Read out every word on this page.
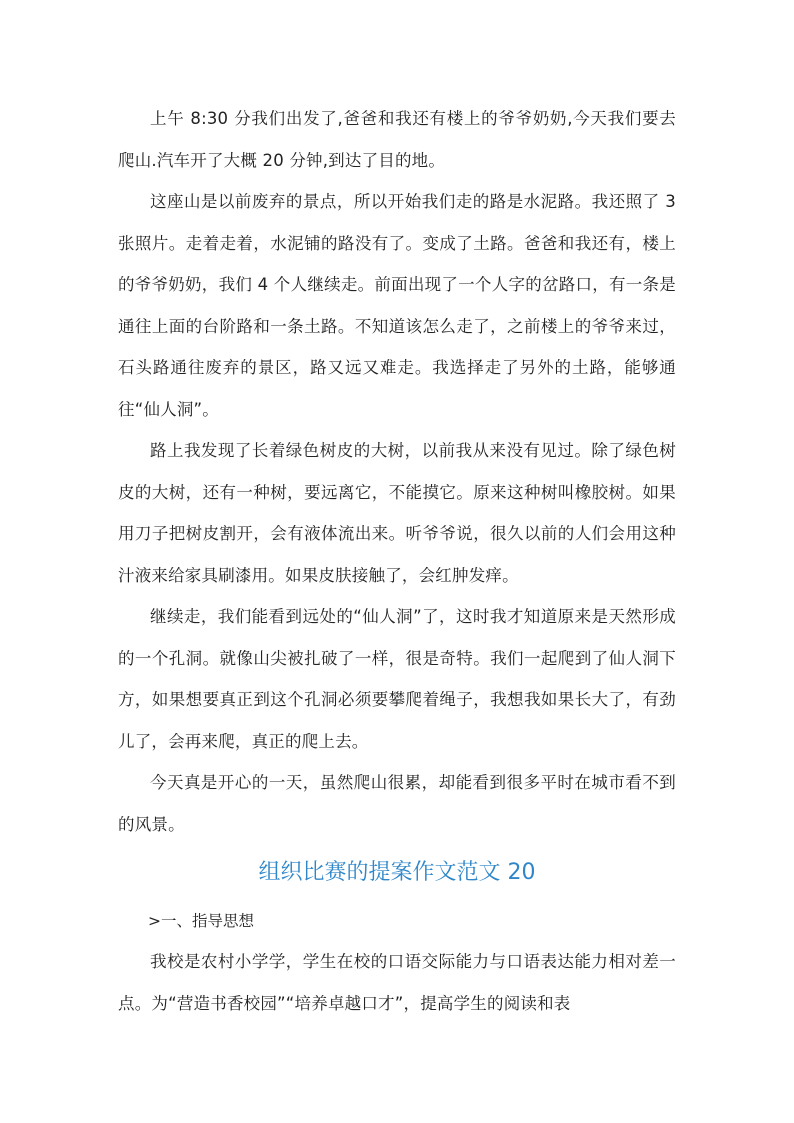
上午 8:30 分我们出发了,爸爸和我还有楼上的爷爷奶奶,今天我们要去爬山.汽车开了大概 20 分钟,到达了目的地。

这座山是以前废弃的景点，所以开始我们走的路是水泥路。我还照了 3 张照片。走着走着，水泥铺的路没有了。变成了土路。爸爸和我还有，楼上的爷爷奶奶，我们 4 个人继续走。前面出现了一个人字的岔路口，有一条是通往上面的台阶路和一条土路。不知道该怎么走了，之前楼上的爷爷来过，石头路通往废弃的景区，路又远又难走。我选择走了另外的土路，能够通往“仙人洞”。

路上我发现了长着绿色树皮的大树，以前我从来没有见过。除了绿色树皮的大树，还有一种树，要远离它，不能摸它。原来这种树叫橡胶树。如果用刀子把树皮割开，会有液体流出来。听爷爷说，很久以前的人们会用这种汁液来给家具刷漆用。如果皮肤接触了，会红肿发痒。

继续走，我们能看到远处的“仙人洞”了，这时我才知道原来是天然形成的一个孔洞。就像山尖被扎破了一样，很是奇特。我们一起爬到了仙人洞下方，如果想要真正到这个孔洞必须要攀爬着绳子，我想我如果长大了，有劲儿了，会再来爬，真正的爬上去。

今天真是开心的一天，虽然爬山很累，却能看到很多平时在城市看不到的风景。

组织比赛的提案作文范文 20

>一、指导思想

我校是农村小学学，学生在校的口语交际能力与口语表达能力相对差一点。为“营造书香校园”“培养卓越口才”，提高学生的阅读和表
